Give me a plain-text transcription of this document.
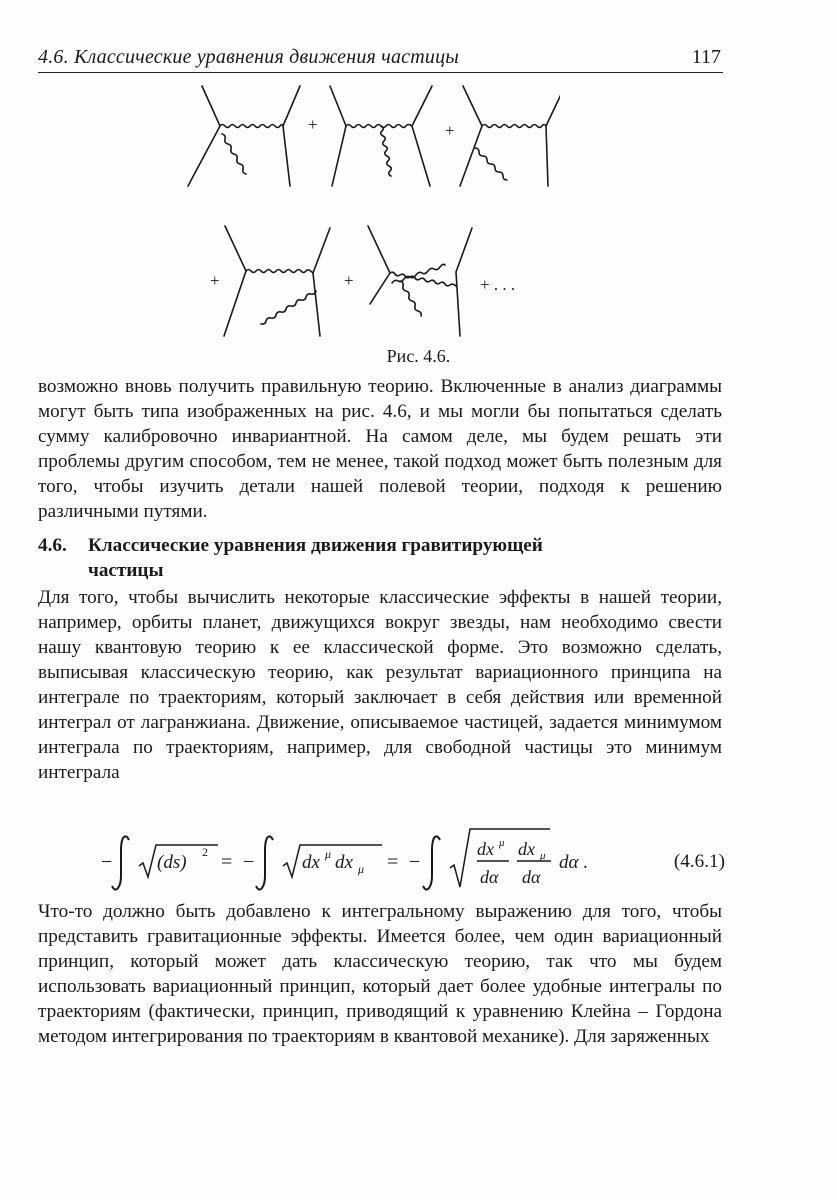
4.6. Классические уравнения движения частицы	117
+	+
+	+	+ . . .
Рис. 4.6.

возможно вновь получить правильную теорию. Включенные в анализ диаграммы могут быть типа изображенных на рис. 4.6, и мы могли бы попытаться сделать сумму калибровочно инвариантной. На самом деле, мы будем решать эти проблемы другим способом, тем не менее, такой подход может быть полезным для того, чтобы изучить детали нашей полевой теории, подходя к решению различными путями.

4.6. Классические уравнения движения гравитирующей
частицы

Для того, чтобы вычислить некоторые классические эффекты в нашей теории, например, орбиты планет, движущихся вокруг звезды, нам необходимо свести нашу квантовую теорию к ее классической форме. Это возможно сделать, выписывая классическую теорию, как результат вариационного принципа на интеграле по траекториям, который заключает в себя действия или временной интеграл от лагранжиана. Движение, описываемое частицей, задается минимумом интеграла по траекториям, например, для свободной частицы это минимум интеграла

− (ds) 2 = −	dx μ dx μ = −
dx μ
dα
dx μ
dα
dα .	(4.6.1)

Что-то должно быть добавлено к интегральному выражению для того, чтобы представить гравитационные эффекты. Имеется более, чем один вариационный принцип, который может дать классическую теорию, так что мы будем использовать вариационный принцип, который дает более удобные интегралы по траекториям (фактически, принцип, приводящий к уравнению Клейна – Гордона методом интегрирования по траекториям в квантовой механике). Для заряженных
